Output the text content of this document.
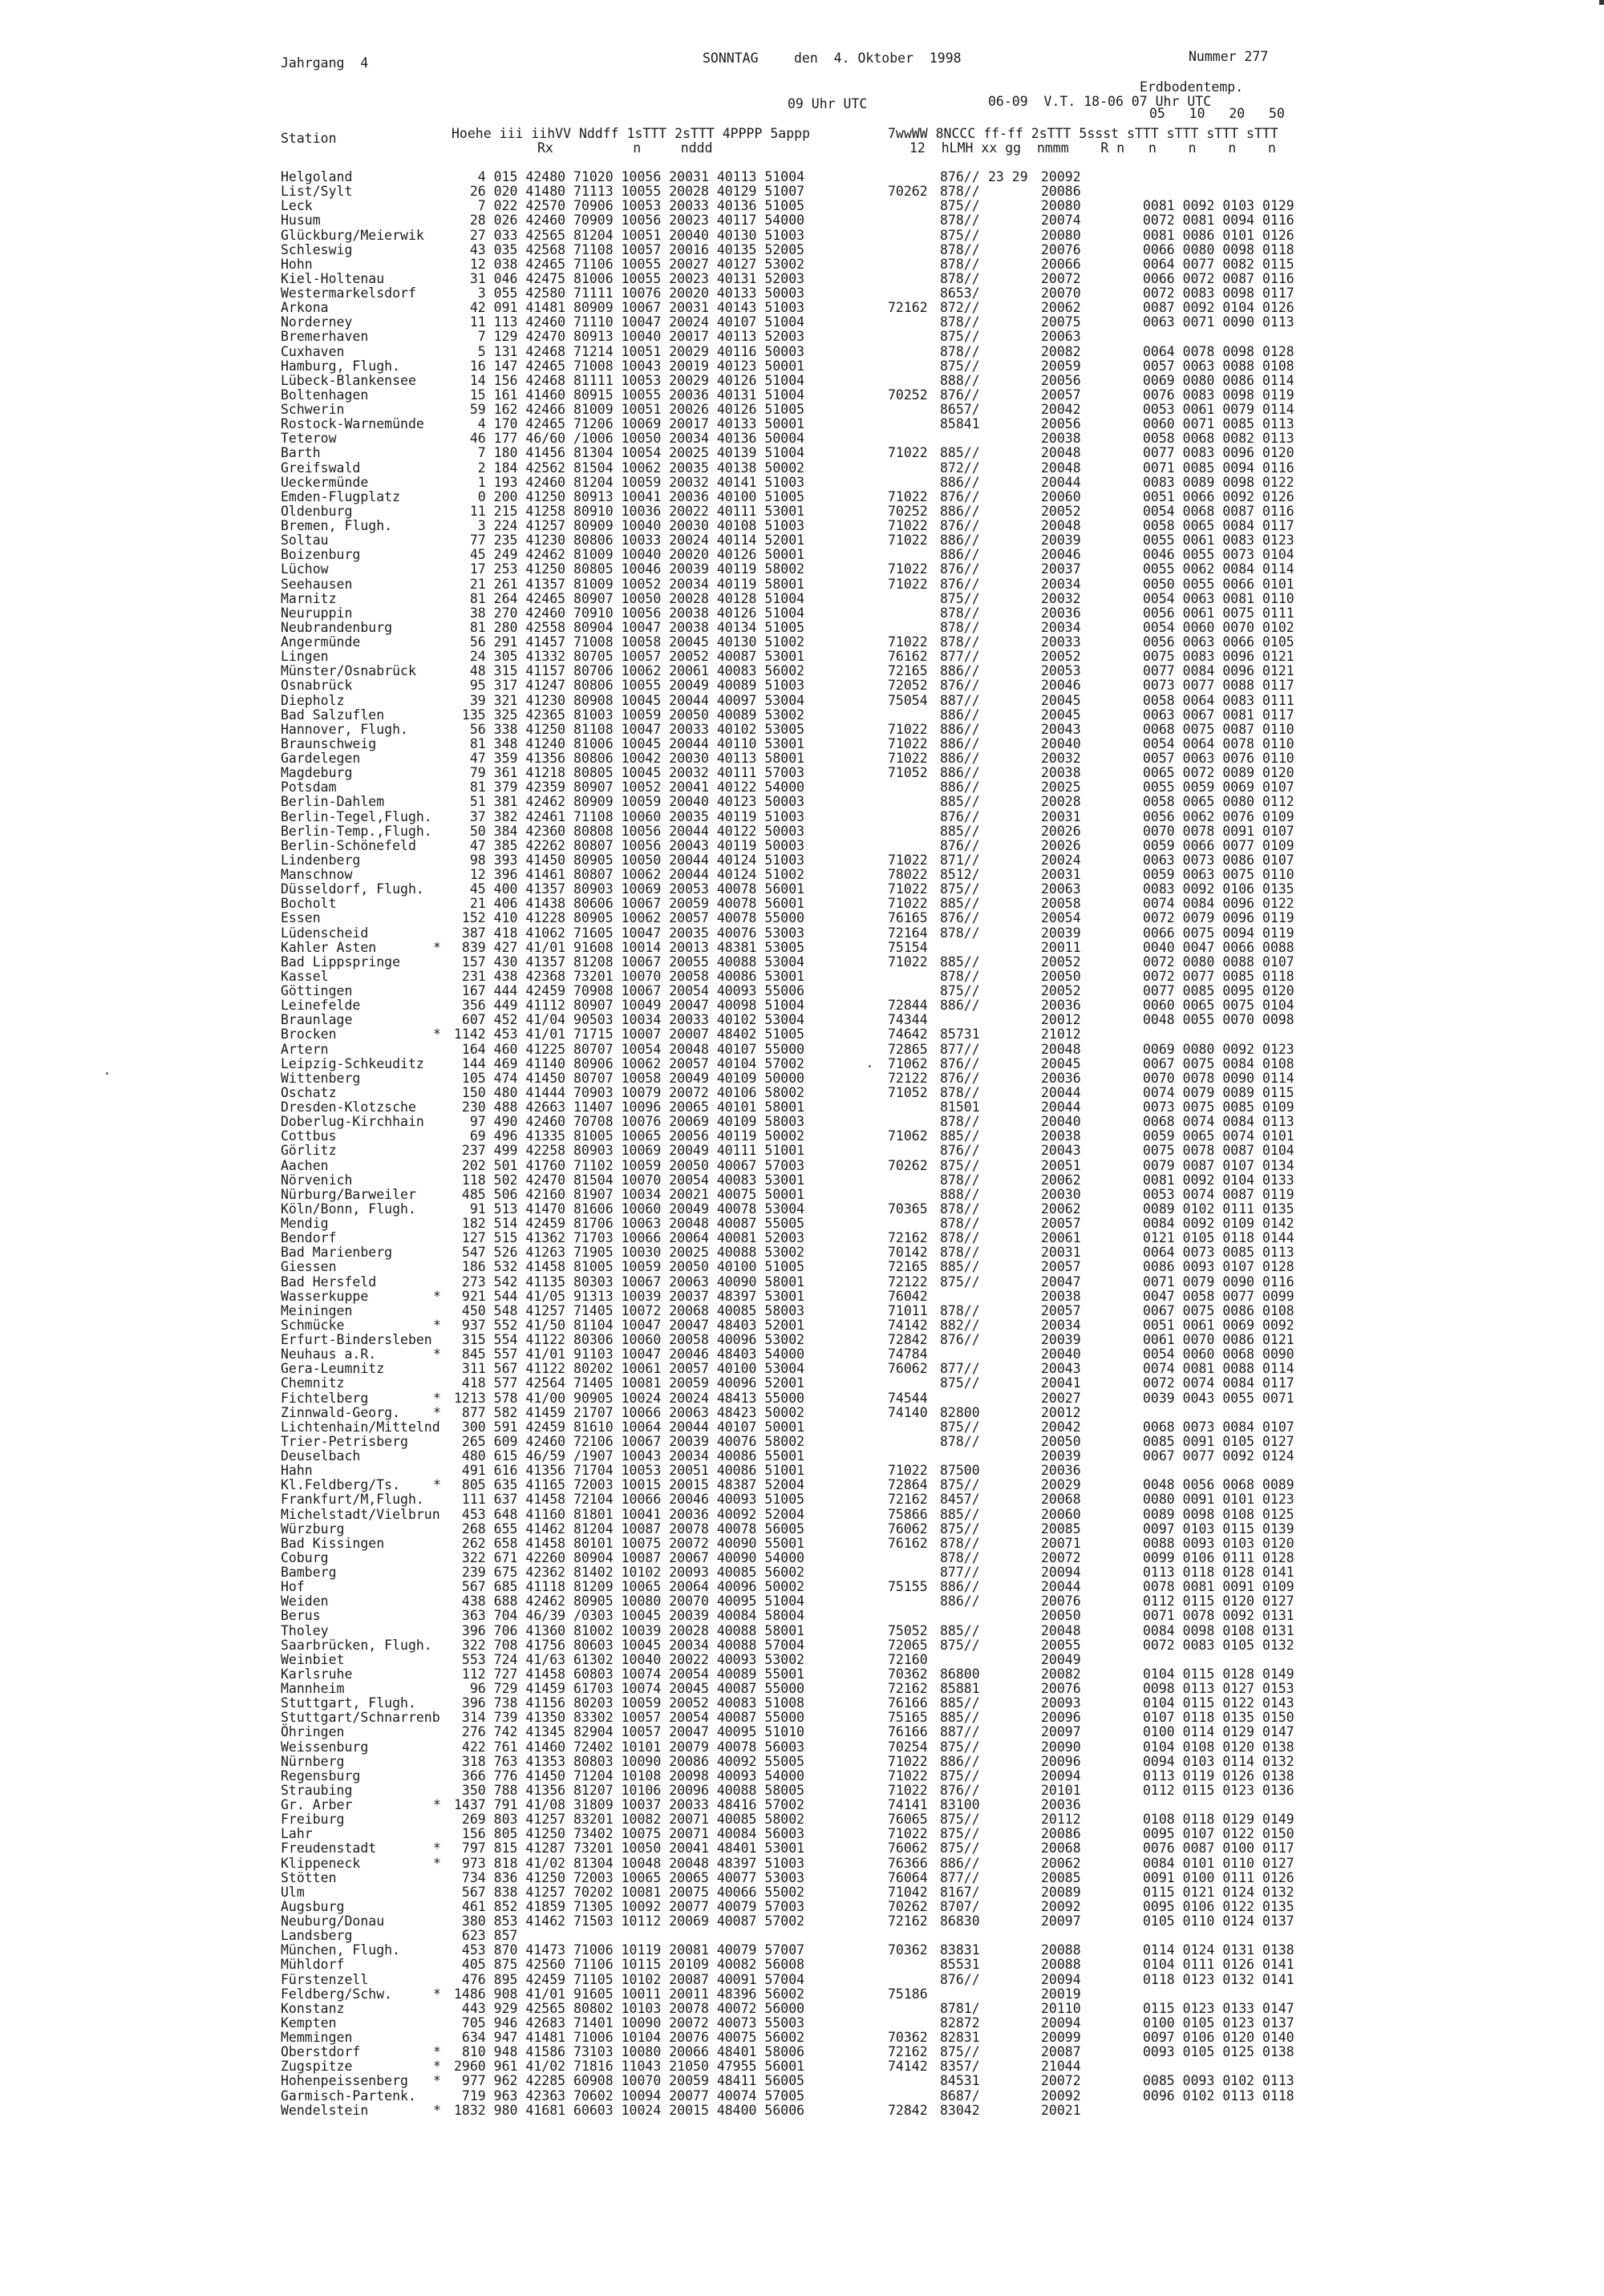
Jahrgang  4	SONNTAG	den  4. Oktober  1998	Nummer 277
Erdbodentemp.
09 Uhr UTC	06-09  V.T. 18-06 07 Uhr UTC
05   10   20   50
Station	Hoehe iii iihVV Nddff 1sTTT 2sTTT 4PPPP 5appp	7wwWW 8NCCC ff-ff 2sTTT 5ssst sTTT sTTT sTTT sTTT
Rx          n     nddd	12  hLMH xx gg  nmmm    R n   n    n    n    n
Helgoland	4 015 42480 71020 10056 20031 40113 51004	876// 23 29 20092
List/Sylt	26 020 41480 71113 10055 20028 40129 51007	70262 878//	20086
Leck	7 022 42570 70906 10053 20033 40136 51005	875//	20080	0081 0092 0103 0129
Husum	28 026 42460 70909 10056 20023 40117 54000	878//	20074	0072 0081 0094 0116
Glückburg/Meierwik 27 033 42565 81204 10051 20040 40130 51003	875//	20080	0081 0086 0101 0126
Schleswig	43 035 42568 71108 10057 20016 40135 52005	878//	20076	0066 0080 0098 0118
Hohn	12 038 42465 71106 10055 20027 40127 53002	878//	20066	0064 0077 0082 0115
Kiel-Holtenau	31 046 42475 81006 10055 20023 40131 52003	878//	20072	0066 0072 0087 0116
Westermarkelsdorf	3 055 42580 71111 10076 20020 40133 50003	8653/	20070	0072 0083 0098 0117
Arkona	42 091 41481 80909 10067 20031 40143 51003	72162 872//	20062	0087 0092 0104 0126
Norderney	11 113 42460 71110 10047 20024 40107 51004	878//	20075	0063 0071 0090 0113
Bremerhaven	7 129 42470 80913 10040 20017 40113 52003	875//	20063
Cuxhaven	5 131 42468 71214 10051 20029 40116 50003	878//	20082	0064 0078 0098 0128
Hamburg, Flugh.	16 147 42465 71008 10043 20019 40123 50001	875//	20059	0057 0063 0088 0108
Lübeck-Blankensee	14 156 42468 81111 10053 20029 40126 51004	888//	20056	0069 0080 0086 0114
Boltenhagen	15 161 41460 80915 10055 20036 40131 51004	70252 876//	20057	0076 0083 0098 0119
Schwerin	59 162 42466 81009 10051 20026 40126 51005	8657/	20042	0053 0061 0079 0114
Rostock-Warnemünde 4 170 42465 71206 10069 20017 40133 50001	85841	20056	0060 0071 0085 0113
Teterow	46 177 46/60 /1006 10050 20034 40136 50004	20038	0058 0068 0082 0113
Barth	7 180 41456 81304 10054 20025 40139 51004	71022 885//	20048	0077 0083 0096 0120
Greifswald	2 184 42562 81504 10062 20035 40138 50002	872//	20048	0071 0085 0094 0116
Ueckermünde	1 193 42460 81204 10059 20032 40141 51003	886//	20044	0083 0089 0098 0122
Emden-Flugplatz	0 200 41250 80913 10041 20036 40100 51005	71022 876//	20060	0051 0066 0092 0126
Oldenburg	11 215 41258 80910 10036 20022 40111 53001	70252 886//	20052	0054 0068 0087 0116
Bremen, Flugh.	3 224 41257 80909 10040 20030 40108 51003	71022 876//	20048	0058 0065 0084 0117
Soltau	77 235 41230 80806 10033 20024 40114 52001	71022 886//	20039	0055 0061 0083 0123
Boizenburg	45 249 42462 81009 10040 20020 40126 50001	886//	20046	0046 0055 0073 0104
Lüchow	17 253 41250 80805 10046 20039 40119 58002	71022 876//	20037	0055 0062 0084 0114
Seehausen	21 261 41357 81009 10052 20034 40119 58001	71022 876//	20034	0050 0055 0066 0101
Marnitz	81 264 42465 80907 10050 20028 40128 51004	875//	20032	0054 0063 0081 0110
Neuruppin	38 270 42460 70910 10056 20038 40126 51004	878//	20036	0056 0061 0075 0111
Neubrandenburg	81 280 42558 80904 10047 20038 40134 51005	878//	20034	0054 0060 0070 0102
Angermünde	56 291 41457 71008 10058 20045 40130 51002	71022 878//	20033	0056 0063 0066 0105
Lingen	24 305 41332 80705 10057 20052 40087 53001	76162 877//	20052	0075 0083 0096 0121
Münster/Osnabrück	48 315 41157 80706 10062 20061 40083 56002	72165 886//	20053	0077 0084 0096 0121
Osnabrück	95 317 41247 80806 10055 20049 40089 51003	72052 876//	20046	0073 0077 0088 0117
Diepholz	39 321 41230 80908 10045 20044 40097 53004	75054 887//	20045	0058 0064 0083 0111
Bad Salzuflen	135 325 42365 81003 10059 20050 40089 53002	886//	20045	0063 0067 0081 0117
Hannover, Flugh.	56 338 41250 81108 10047 20033 40102 53005	71022 886//	20043	0068 0075 0087 0110
Braunschweig	81 348 41240 81006 10045 20044 40110 53001	71022 886//	20040	0054 0064 0078 0110
Gardelegen	47 359 41356 80806 10042 20030 40113 58001	71022 886//	20032	0057 0063 0076 0110
Magdeburg	79 361 41218 80805 10045 20032 40111 57003	71052 886//	20038	0065 0072 0089 0120
Potsdam	81 379 42359 80907 10052 20041 40122 54000	886//	20025	0055 0059 0069 0107
Berlin-Dahlem	51 381 42462 80909 10059 20040 40123 50003	885//	20028	0058 0065 0080 0112
Berlin-Tegel,Flugh. 37 382 42461 71108 10060 20035 40119 51003	876//	20031	0056 0062 0076 0109
Berlin-Temp.,Flugh. 50 384 42360 80808 10056 20044 40122 50003	885//	20026	0070 0078 0091 0107
Berlin-Schönefeld	47 385 42262 80807 10056 20043 40119 50003	876//	20026	0059 0066 0077 0109
Lindenberg	98 393 41450 80905 10050 20044 40124 51003	71022 871//	20024	0063 0073 0086 0107
Manschnow	12 396 41461 80807 10062 20044 40124 51002	78022 8512/	20031	0059 0063 0075 0110
Düsseldorf, Flugh. 45 400 41357 80903 10069 20053 40078 56001	71022 875//	20063	0083 0092 0106 0135
Bocholt	21 406 41438 80606 10067 20059 40078 56001	71022 885//	20058	0074 0084 0096 0122
Essen	152 410 41228 80905 10062 20057 40078 55000	76165 876//	20054	0072 0079 0096 0119
Lüdenscheid	387 418 41062 71605 10047 20035 40076 53003	72164 878//	20039	0066 0075 0094 0119
Kahler Asten	* 839 427 41/01 91608 10014 20013 48381 53005	75154	20011	0040 0047 0066 0088
Bad Lippspringe	157 430 41357 81208 10067 20055 40088 53004	71022 885//	20052	0072 0080 0088 0107
Kassel	231 438 42368 73201 10070 20058 40086 53001	878//	20050	0072 0077 0085 0118
Göttingen	167 444 42459 70908 10067 20054 40093 55006	875//	20052	0077 0085 0095 0120
Leinefelde	356 449 41112 80907 10049 20047 40098 51004	72844 886//	20036	0060 0065 0075 0104
Braunlage	607 452 41/04 90503 10034 20033 40102 53004	74344	20012	0048 0055 0070 0098
Brocken	* 1142 453 41/01 71715 10007 20007 48402 51005	74642 85731	21012
Artern	164 460 41225 80707 10054 20048 40107 55000	72865 877//	20048	0069 0080 0092 0123
Leipzig-Schkeuditz 144 469 41140 80906 10062 20057 40104 57002	71062 876//	20045	0067 0075 0084 0108
Wittenberg	105 474 41450 80707 10058 20049 40109 50000	72122 876//	20036	0070 0078 0090 0114
Oschatz	150 480 41444 70903 10079 20072 40106 58002	71052 878//	20044	0074 0079 0089 0115
Dresden-Klotzsche	230 488 42663 11407 10096 20065 40101 58001	81501	20044	0073 0075 0085 0109
Doberlug-Kirchhain 97 490 42460 70708 10076 20069 40109 58003	878//	20040	0068 0074 0084 0113
Cottbus	69 496 41335 81005 10065 20056 40119 50002	71062 885//	20038	0059 0065 0074 0101
Görlitz	237 499 42258 80903 10069 20049 40111 51001	876//	20043	0075 0078 0087 0104
Aachen	202 501 41760 71102 10059 20050 40067 57003	70262 875//	20051	0079 0087 0107 0134
Nörvenich	118 502 42470 81504 10070 20054 40083 53001	878//	20062	0081 0092 0104 0133
Nürburg/Barweiler	485 506 42160 81907 10034 20021 40075 50001	888//	20030	0053 0074 0087 0119
Köln/Bonn, Flugh.	91 513 41470 81606 10060 20049 40078 53004	70365 878//	20062	0089 0102 0111 0135
Mendig	182 514 42459 81706 10063 20048 40087 55005	878//	20057	0084 0092 0109 0142
Bendorf	127 515 41362 71703 10066 20064 40081 52003	72162 878//	20061	0121 0105 0118 0144
Bad Marienberg	547 526 41263 71905 10030 20025 40088 53002	70142 878//	20031	0064 0073 0085 0113
Giessen	186 532 41458 81005 10059 20050 40100 51005	72165 885//	20057	0086 0093 0107 0128
Bad Hersfeld	273 542 41135 80303 10067 20063 40090 58001	72122 875//	20047	0071 0079 0090 0116
Wasserkuppe	* 921 544 41/05 91313 10039 20037 48397 53001	76042	20038	0047 0058 0077 0099
Meiningen	450 548 41257 71405 10072 20068 40085 58003	71011 878//	20057	0067 0075 0086 0108
Schmücke	* 937 552 41/50 81104 10047 20047 48403 52001	74142 882//	20034	0051 0061 0069 0092
Erfurt-Bindersleben 315 554 41122 80306 10060 20058 40096 53002	72842 876//	20039	0061 0070 0086 0121
Neuhaus a.R.	* 845 557 41/01 91103 10047 20046 48403 54000	74784	20040	0054 0060 0068 0090
Gera-Leumnitz	311 567 41122 80202 10061 20057 40100 53004	76062 877//	20043	0074 0081 0088 0114
Chemnitz	418 577 42564 71405 10081 20059 40096 52001	875//	20041	0072 0074 0084 0117
Fichtelberg	* 1213 578 41/00 90905 10024 20024 48413 55000	74544	20027	0039 0043 0055 0071
Zinnwald-Georg. * 877 582 41459 21707 10066 20063 48423 50002	74140 82800	20012
Lichtenhain/Mittelnd 300 591 42459 81610 10064 20044 40107 50001	875//	20042	0068 0073 0084 0107
Trier-Petrisberg	265 609 42460 72106 10067 20039 40076 58002	878//	20050	0085 0091 0105 0127
Deuselbach	480 615 46/59 /1907 10043 20034 40086 55001	20039	0067 0077 0092 0124
Hahn	491 616 41356 71704 10053 20051 40086 51001	71022 87500	20036
Kl.Feldberg/Ts. * 805 635 41165 72003 10015 20015 48387 52004	72864 875//	20029	0048 0056 0068 0089
Frankfurt/M,Flugh. 111 637 41458 72104 10066 20046 40093 51005	72162 8457/	20068	0080 0091 0101 0123
Michelstadt/Vielbrun 453 648 41160 81801 10041 20036 40092 52004	75866 885//	20060	0089 0098 0108 0125
Würzburg	268 655 41462 81204 10087 20078 40078 56005	76062 875//	20085	0097 0103 0115 0139
Bad Kissingen	262 658 41458 80101 10075 20072 40090 55001	76162 878//	20071	0088 0093 0103 0120
Coburg	322 671 42260 80904 10087 20067 40090 54000	878//	20072	0099 0106 0111 0128
Bamberg	239 675 42362 81402 10102 20093 40085 56002	877//	20094	0113 0118 0128 0141
Hof	567 685 41118 81209 10065 20064 40096 50002	75155 886//	20044	0078 0081 0091 0109
Weiden	438 688 42462 80905 10080 20070 40095 51004	886//	20076	0112 0115 0120 0127
Berus	363 704 46/39 /0303 10045 20039 40084 58004	20050	0071 0078 0092 0131
Tholey	396 706 41360 81002 10039 20028 40088 58001	75052 885//	20048	0084 0098 0108 0131
Saarbrücken, Flugh. 322 708 41756 80603 10045 20034 40088 57004	72065 875//	20055	0072 0083 0105 0132
Weinbiet	553 724 41/63 61302 10040 20022 40093 53002	72160	20049
Karlsruhe	112 727 41458 60803 10074 20054 40089 55001	70362 86800	20082	0104 0115 0128 0149
Mannheim	96 729 41459 61703 10074 20045 40087 55000	72162 85881	20076	0098 0113 0127 0153
Stuttgart, Flugh.	396 738 41156 80203 10059 20052 40083 51008	76166 885//	20093	0104 0115 0122 0143
Stuttgart/Schnarrenb 314 739 41350 83302 10057 20054 40087 55000	75165 885//	20096	0107 0118 0135 0150
Öhringen	276 742 41345 82904 10057 20047 40095 51010	76166 887//	20097	0100 0114 0129 0147
Weissenburg	422 761 41460 72402 10101 20079 40078 56003	70254 875//	20090	0104 0108 0120 0138
Nürnberg	318 763 41353 80803 10090 20086 40092 55005	71022 886//	20096	0094 0103 0114 0132
Regensburg	366 776 41450 71204 10108 20098 40093 54000	71022 875//	20094	0113 0119 0126 0138
Straubing	350 788 41356 81207 10106 20096 40088 58005	71022 876//	20101	0112 0115 0123 0136
Gr. Arber	* 1437 791 41/08 31809 10037 20033 48416 57002	74141 83100	20036
Freiburg	269 803 41257 83201 10082 20071 40085 58002	76065 875//	20112	0108 0118 0129 0149
Lahr	156 805 41250 73402 10075 20071 40084 56003	71022 875//	20086	0095 0107 0122 0150
Freudenstadt	* 797 815 41287 73201 10050 20041 48401 53001	76062 875//	20068	0076 0087 0100 0117
Klippeneck	* 973 818 41/02 81304 10048 20048 48397 51003	76366 886//	20062	0084 0101 0110 0127
Stötten	734 836 41250 72003 10065 20065 40077 53003	76064 877//	20085	0091 0100 0111 0126
Ulm	567 838 41257 70202 10081 20075 40066 55002	71042 8167/	20089	0115 0121 0124 0132
Augsburg	461 852 41859 71305 10092 20077 40079 57003	70262 8707/	20092	0095 0106 0122 0135
Neuburg/Donau	380 853 41462 71503 10112 20069 40087 57002	72162 86830	20097	0105 0110 0124 0137
Landsberg	623 857
München, Flugh.	453 870 41473 71006 10119 20081 40079 57007	70362 83831	20088	0114 0124 0131 0138
Mühldorf	405 875 42560 71106 10115 20109 40082 56008	85531	20088	0104 0111 0126 0141
Fürstenzell	476 895 42459 71105 10102 20087 40091 57004	876//	20094	0118 0123 0132 0141
Feldberg/Schw.	* 1486 908 41/01 91605 10011 20011 48396 56002	75186	20019
Konstanz	443 929 42565 80802 10103 20078 40072 56000	8781/	20110	0115 0123 0133 0147
Kempten	705 946 42683 71401 10090 20072 40073 55003	82872	20094	0100 0105 0123 0137
Memmingen	634 947 41481 71006 10104 20076 40075 56002	70362 82831	20099	0097 0106 0120 0140
Oberstdorf	* 810 948 41586 73103 10080 20066 48401 58006	72162 875//	20087	0093 0105 0125 0138
Zugspitze	* 2960 961 41/02 71816 11043 21050 47955 56001	74142 8357/	21044
Hohenpeissenberg * 977 962 42285 60908 10070 20059 48411 56005	84531	20072	0085 0093 0102 0113
Garmisch-Partenk.	719 963 42363 70602 10094 20077 40074 57005	8687/	20092	0096 0102 0113 0118
Wendelstein	* 1832 980 41681 60603 10024 20015 48400 56006	72842 83042	20021
